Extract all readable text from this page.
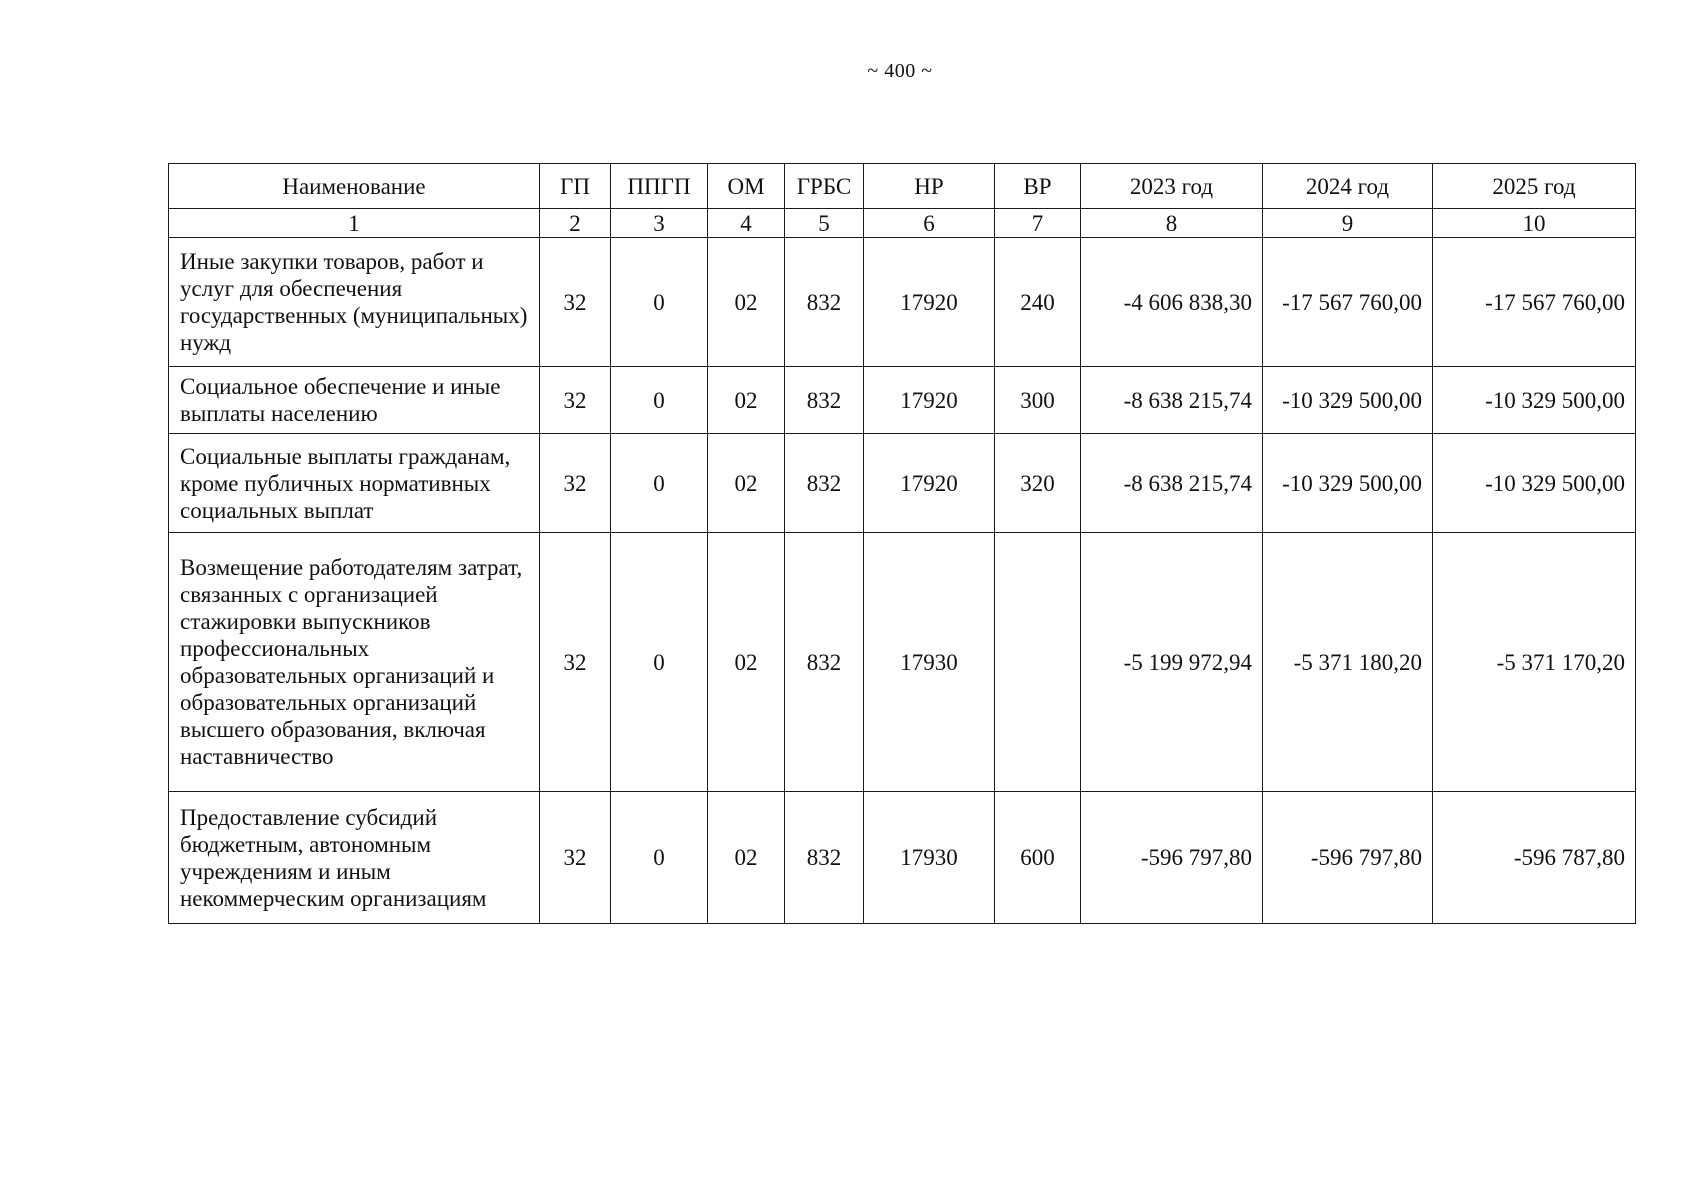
~ 400 ~
Наименование	ГП	ППГП	ОМ	ГРБС	НР	ВР	2023 год	2024 год	2025 год
1	2	3	4	5	6	7	8	9	10
Иные закупки товаров, работ и услуг для обеспечения государственных (муниципальных) нужд	32	0	02	832	17920	240	-4 606 838,30	-17 567 760,00	-17 567 760,00
Социальное обеспечение и иные выплаты населению	32	0	02	832	17920	300	-8 638 215,74	-10 329 500,00	-10 329 500,00
Социальные выплаты гражданам, кроме публичных нормативных социальных выплат	32	0	02	832	17920	320	-8 638 215,74	-10 329 500,00	-10 329 500,00
Возмещение работодателям затрат, связанных с организацией стажировки выпускников профессиональных образовательных организаций и образовательных организаций высшего образования, включая наставничество	32	0	02	832	17930		-5 199 972,94	-5 371 180,20	-5 371 170,20
Предоставление субсидий бюджетным, автономным учреждениям и иным некоммерческим организациям	32	0	02	832	17930	600	-596 797,80	-596 797,80	-596 787,80
